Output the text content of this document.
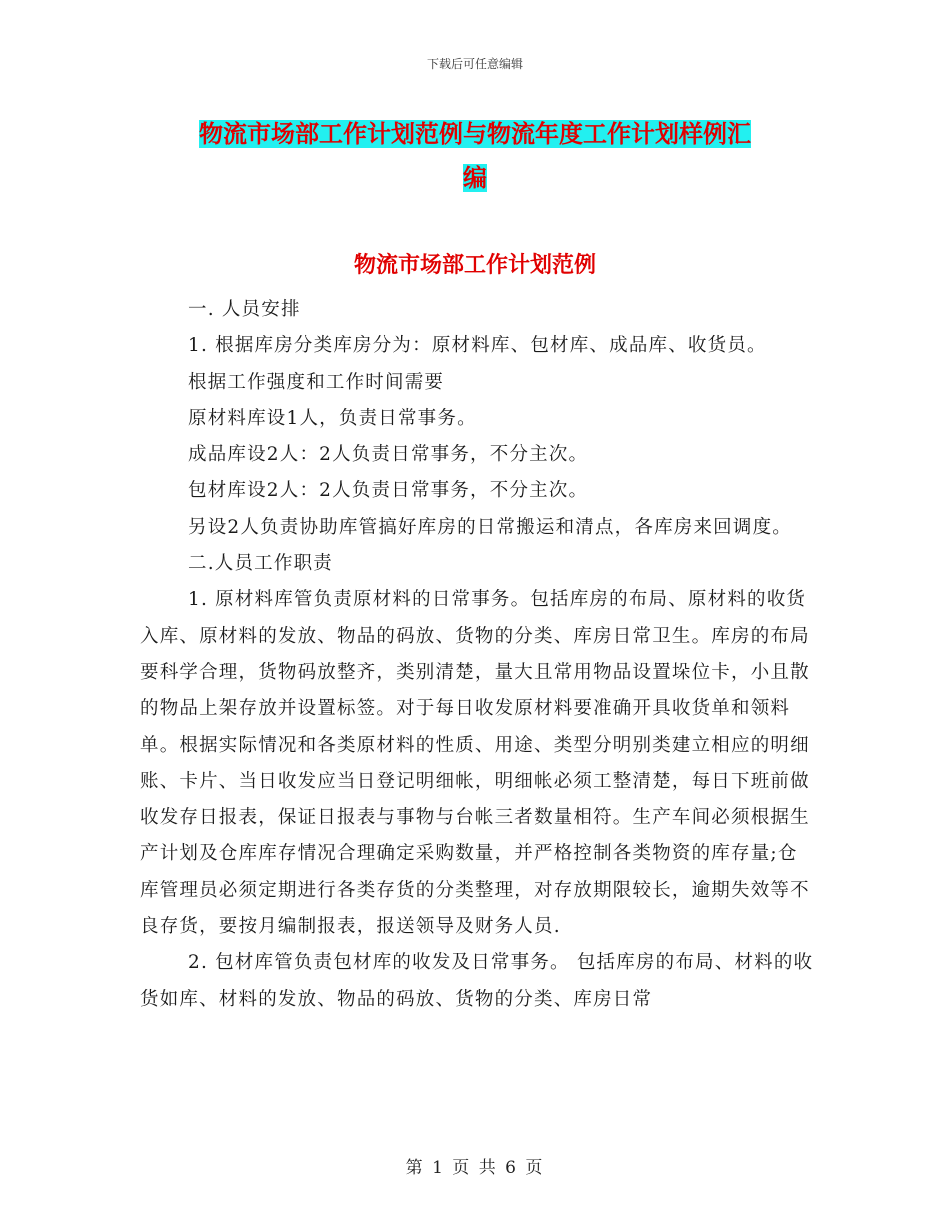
下载后可任意编辑
物流市场部工作计划范例与物流年度工作计划样例汇
编
物流市场部工作计划范例

一. 人员安排

1. 根据库房分类库房分为：原材料库、包材库、成品库、收货员。

根据工作强度和工作时间需要

原材料库设1人，负责日常事务。

成品库设2人：2人负责日常事务，不分主次。

包材库设2人：2人负责日常事务，不分主次。

另设2人负责协助库管搞好库房的日常搬运和清点，各库房来回调度。

二.人员工作职责

1. 原材料库管负责原材料的日常事务。包括库房的布局、原材料的收货入库、原材料的发放、物品的码放、货物的分类、库房日常卫生。库房的布局要科学合理，货物码放整齐，类别清楚，量大且常用物品设置垛位卡，小且散的物品上架存放并设置标签。对于每日收发原材料要准确开具收货单和领料单。根据实际情况和各类原材料的性质、用途、类型分明别类建立相应的明细账、卡片、当日收发应当日登记明细帐，明细帐必须工整清楚，每日下班前做收发存日报表，保证日报表与事物与台帐三者数量相符。生产车间必须根据生产计划及仓库库存情况合理确定采购数量，并严格控制各类物资的库存量;仓库管理员必须定期进行各类存货的分类整理，对存放期限较长，逾期失效等不良存货，要按月编制报表，报送领导及财务人员.

2. 包材库管负责包材库的收发及日常事务。 包括库房的布局、材料的收货如库、材料的发放、物品的码放、货物的分类、库房日常

第 1 页 共 6 页
